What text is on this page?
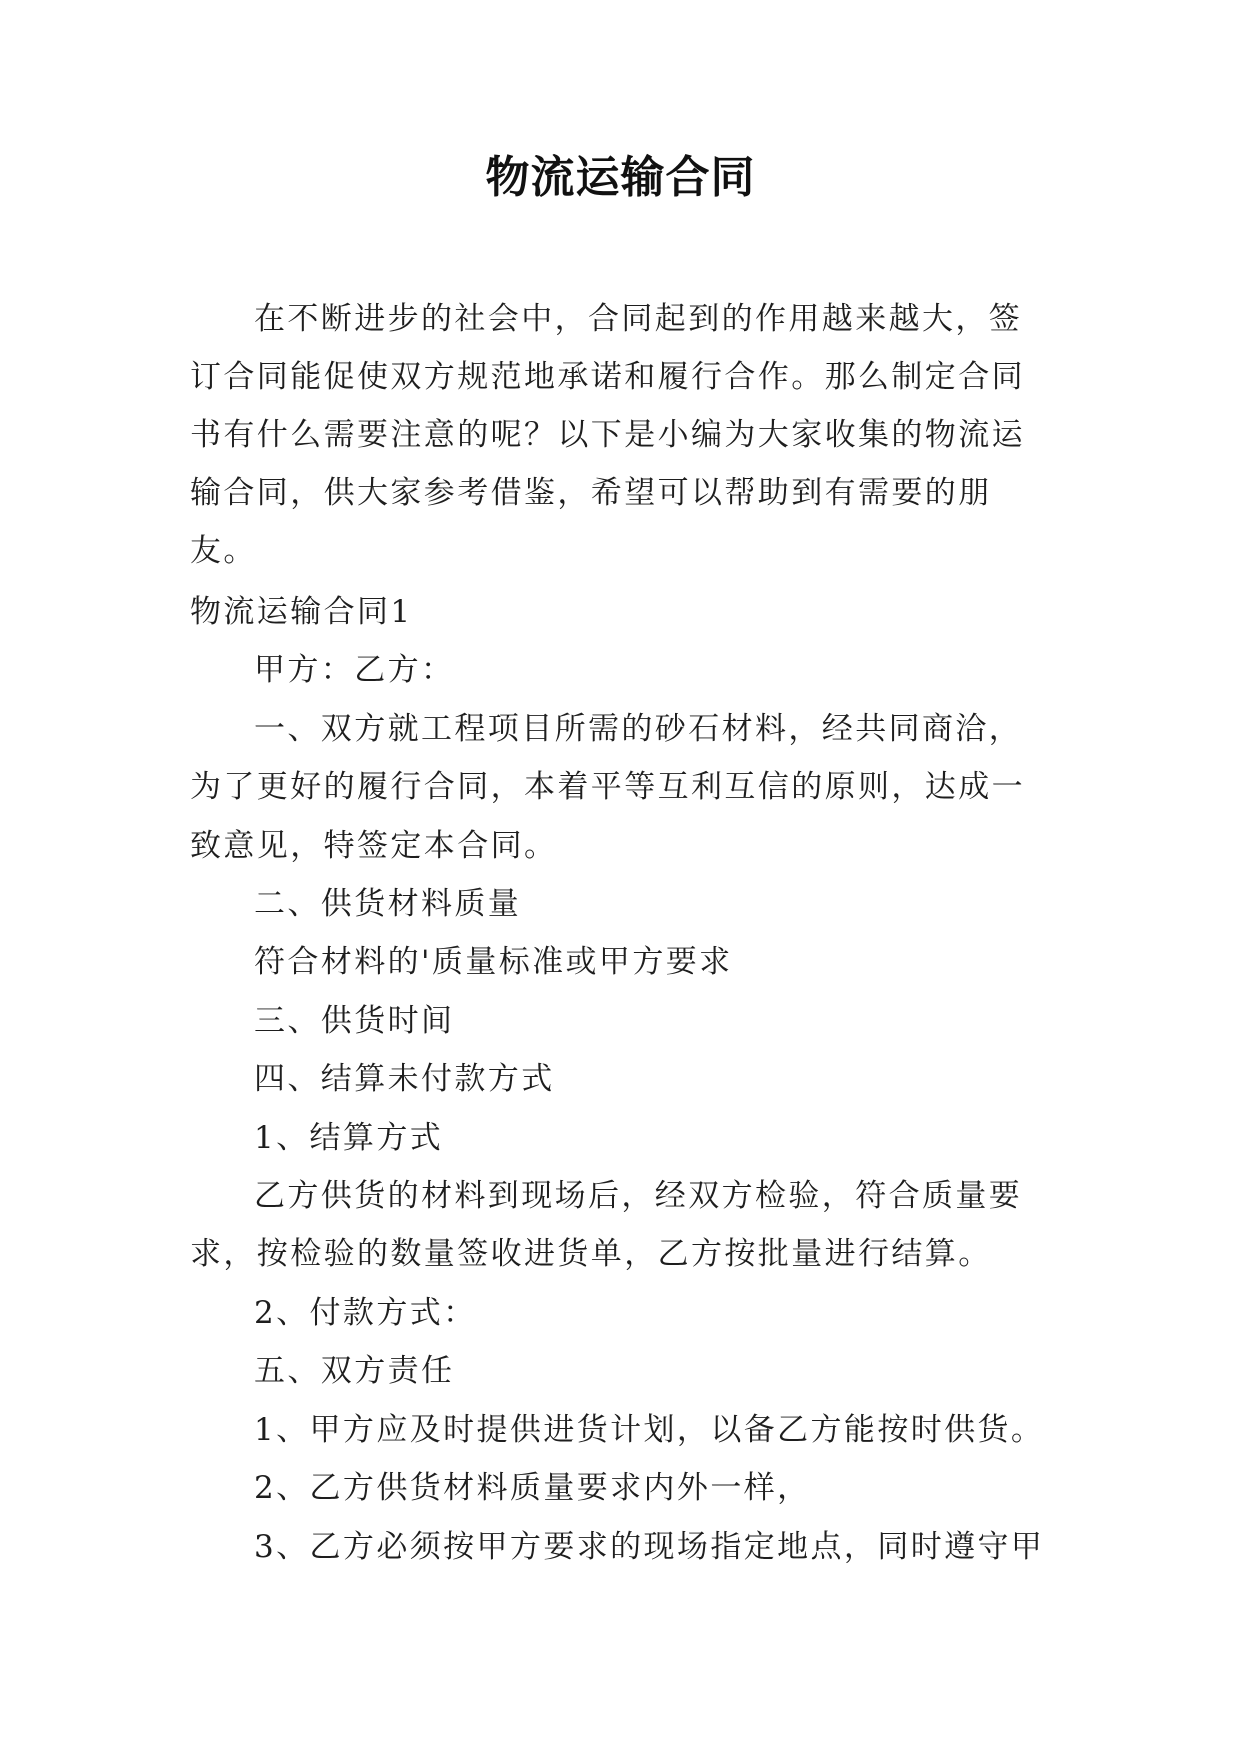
物流运输合同

在不断进步的社会中，合同起到的作用越来越大，签订合同能促使双方规范地承诺和履行合作。那么制定合同书有什么需要注意的呢？以下是小编为大家收集的物流运输合同，供大家参考借鉴，希望可以帮助到有需要的朋友。

物流运输合同1

甲方：乙方：

一、双方就工程项目所需的砂石材料，经共同商洽，为了更好的履行合同，本着平等互利互信的原则，达成一致意见，特签定本合同。

二、供货材料质量

符合材料的'质量标准或甲方要求

三、供货时间

四、结算未付款方式

1、结算方式

乙方供货的材料到现场后，经双方检验，符合质量要求，按检验的数量签收进货单，乙方按批量进行结算。

2、付款方式：

五、双方责任

1、甲方应及时提供进货计划，以备乙方能按时供货。

2、乙方供货材料质量要求内外一样，

3、乙方必须按甲方要求的现场指定地点，同时遵守甲
